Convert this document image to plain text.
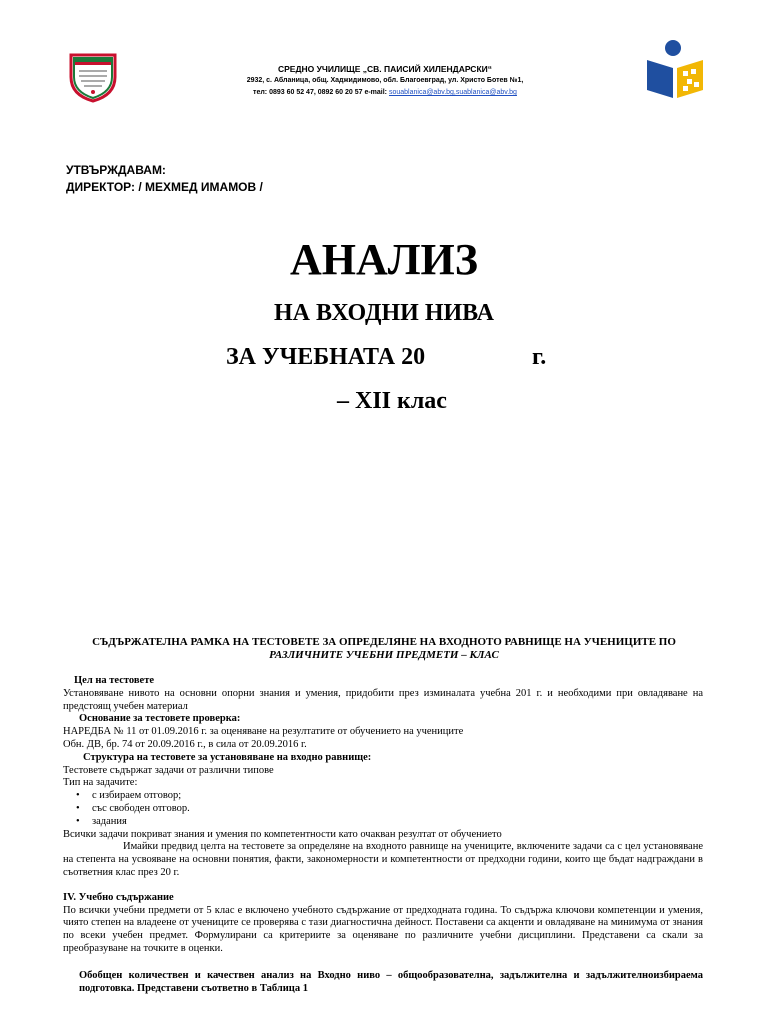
СРЕДНО УЧИЛИЩЕ „СВ. ПАИСИЙ ХИЛЕНДАРСКИ“
2932, с. Абланица, общ. Хаджидимово, обл. Благоевград, ул. Христо Ботев №1,
тел: 0893 60 52 47, 0892 60 20 57 e-mail: souablanica@abv.bg,suablanica@abv.bg
УТВЪРЖДАВАМ:
ДИРЕКТОР: / МЕХМЕД ИМАМОВ /
АНАЛИЗ
НА ВХОДНИ НИВА
ЗА УЧЕБНАТА 20	г.
– XII клас
СЪДЪРЖАТЕЛНА РАМКА НА ТЕСТОВЕТЕ ЗА ОПРЕДЕЛЯНЕ НА ВХОДНОТО РАВНИЩЕ НА УЧЕНИЦИТЕ ПО
РАЗЛИЧНИТЕ УЧЕБНИ ПРЕДМЕТИ – КЛАС

Цел на тестовете

Установяване нивото на основни опорни знания и умения, придобити през изминалата учебна 201 г. и необходими при овладяване на предстоящ учебен материал

Основание за тестовете проверка:

НАРЕДБА № 11 от 01.09.2016 г. за оценяване на резултатите от обучението на учениците

Обн. ДВ, бр. 74 от 20.09.2016 г., в сила от 20.09.2016 г.

Структура на тестовете за установяване на входно равнище:

Тестовете съдържат задачи от различни типове

Тип на задачите:

• с избираем отговор;
• със свободен отговор.
• задания

Всички задачи покриват знания и умения по компетентности като очакван резултат от обучението

Имайки предвид целта на тестовете за определяне на входното равнище на учениците, включените задачи са с цел установяване на степента на усвояване на основни понятия, факти, закономерности и компетентности от предходни години, които ще бъдат надграждани в съответния клас през 20 г.

IV. Учебно съдържание

По всички учебни предмети от 5 клас е включено учебното съдържание от предходната година. То съдържа ключови компетенции и умения, чиято степен на владеене от учениците се проверява с тази диагностична дейност. Поставени са акценти и овладяване на минимума от знания по всеки учебен предмет. Формулирани са критериите за оценяване по различните учебни дисциплини. Представени са скали за преобразуване на точките в оценки.

Обобщен количествен и качествен анализ на Входно ниво – общообразователна, задължителна и задължителноизбираема подготовка. Представени съответно в Таблица 1
